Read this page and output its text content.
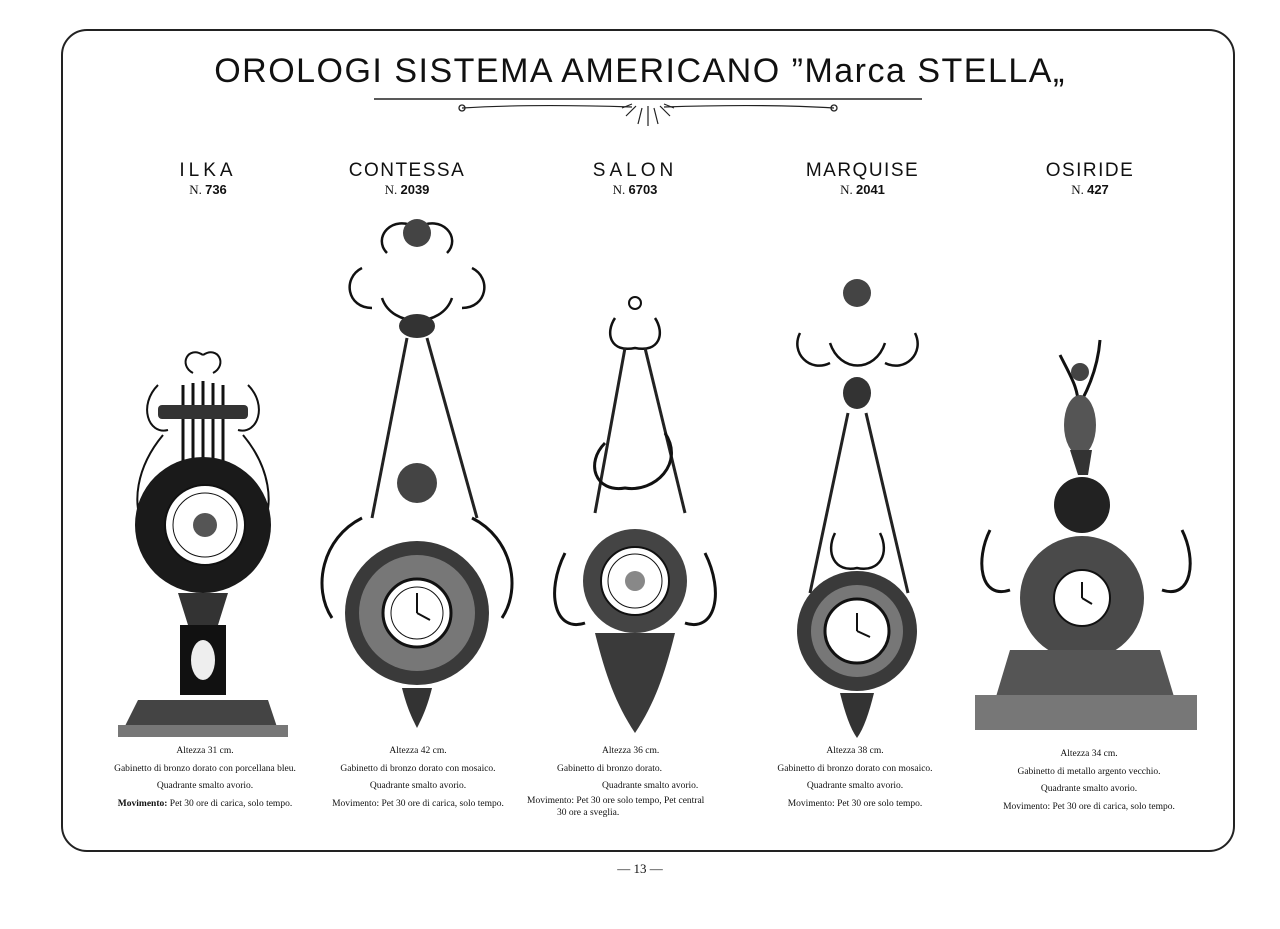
OROLOGI SISTEMA AMERICANO ”Marca STELLA„
ILKA
N. 736
CONTESSA
N. 2039
SALON
N. 6703
MARQUISE
N. 2041
OSIRIDE
N. 427
Altezza 31 cm.
Gabinetto di bronzo dorato con porcellana bleu.
Quadrante smalto avorio.
Movimento: Pet 30 ore di carica, solo tempo.
Altezza 42 cm.
Gabinetto di bronzo dorato con mosaico.
Quadrante smalto avorio.
Movimento: Pet 30 ore di carica, solo tempo.
Altezza 36 cm.
Gabinetto di bronzo dorato.
Quadrante smalto avorio.
Movimento: Pet 30 ore solo tempo, Pet central
30 ore a sveglia.
Altezza 38 cm.
Gabinetto di bronzo dorato con mosaico.
Quadrante smalto avorio.
Movimento: Pet 30 ore solo tempo.
Altezza 34 cm.
Gabinetto di metallo argento vecchio.
Quadrante smalto avorio.
Movimento: Pet 30 ore di carica, solo tempo.
— 13 —
